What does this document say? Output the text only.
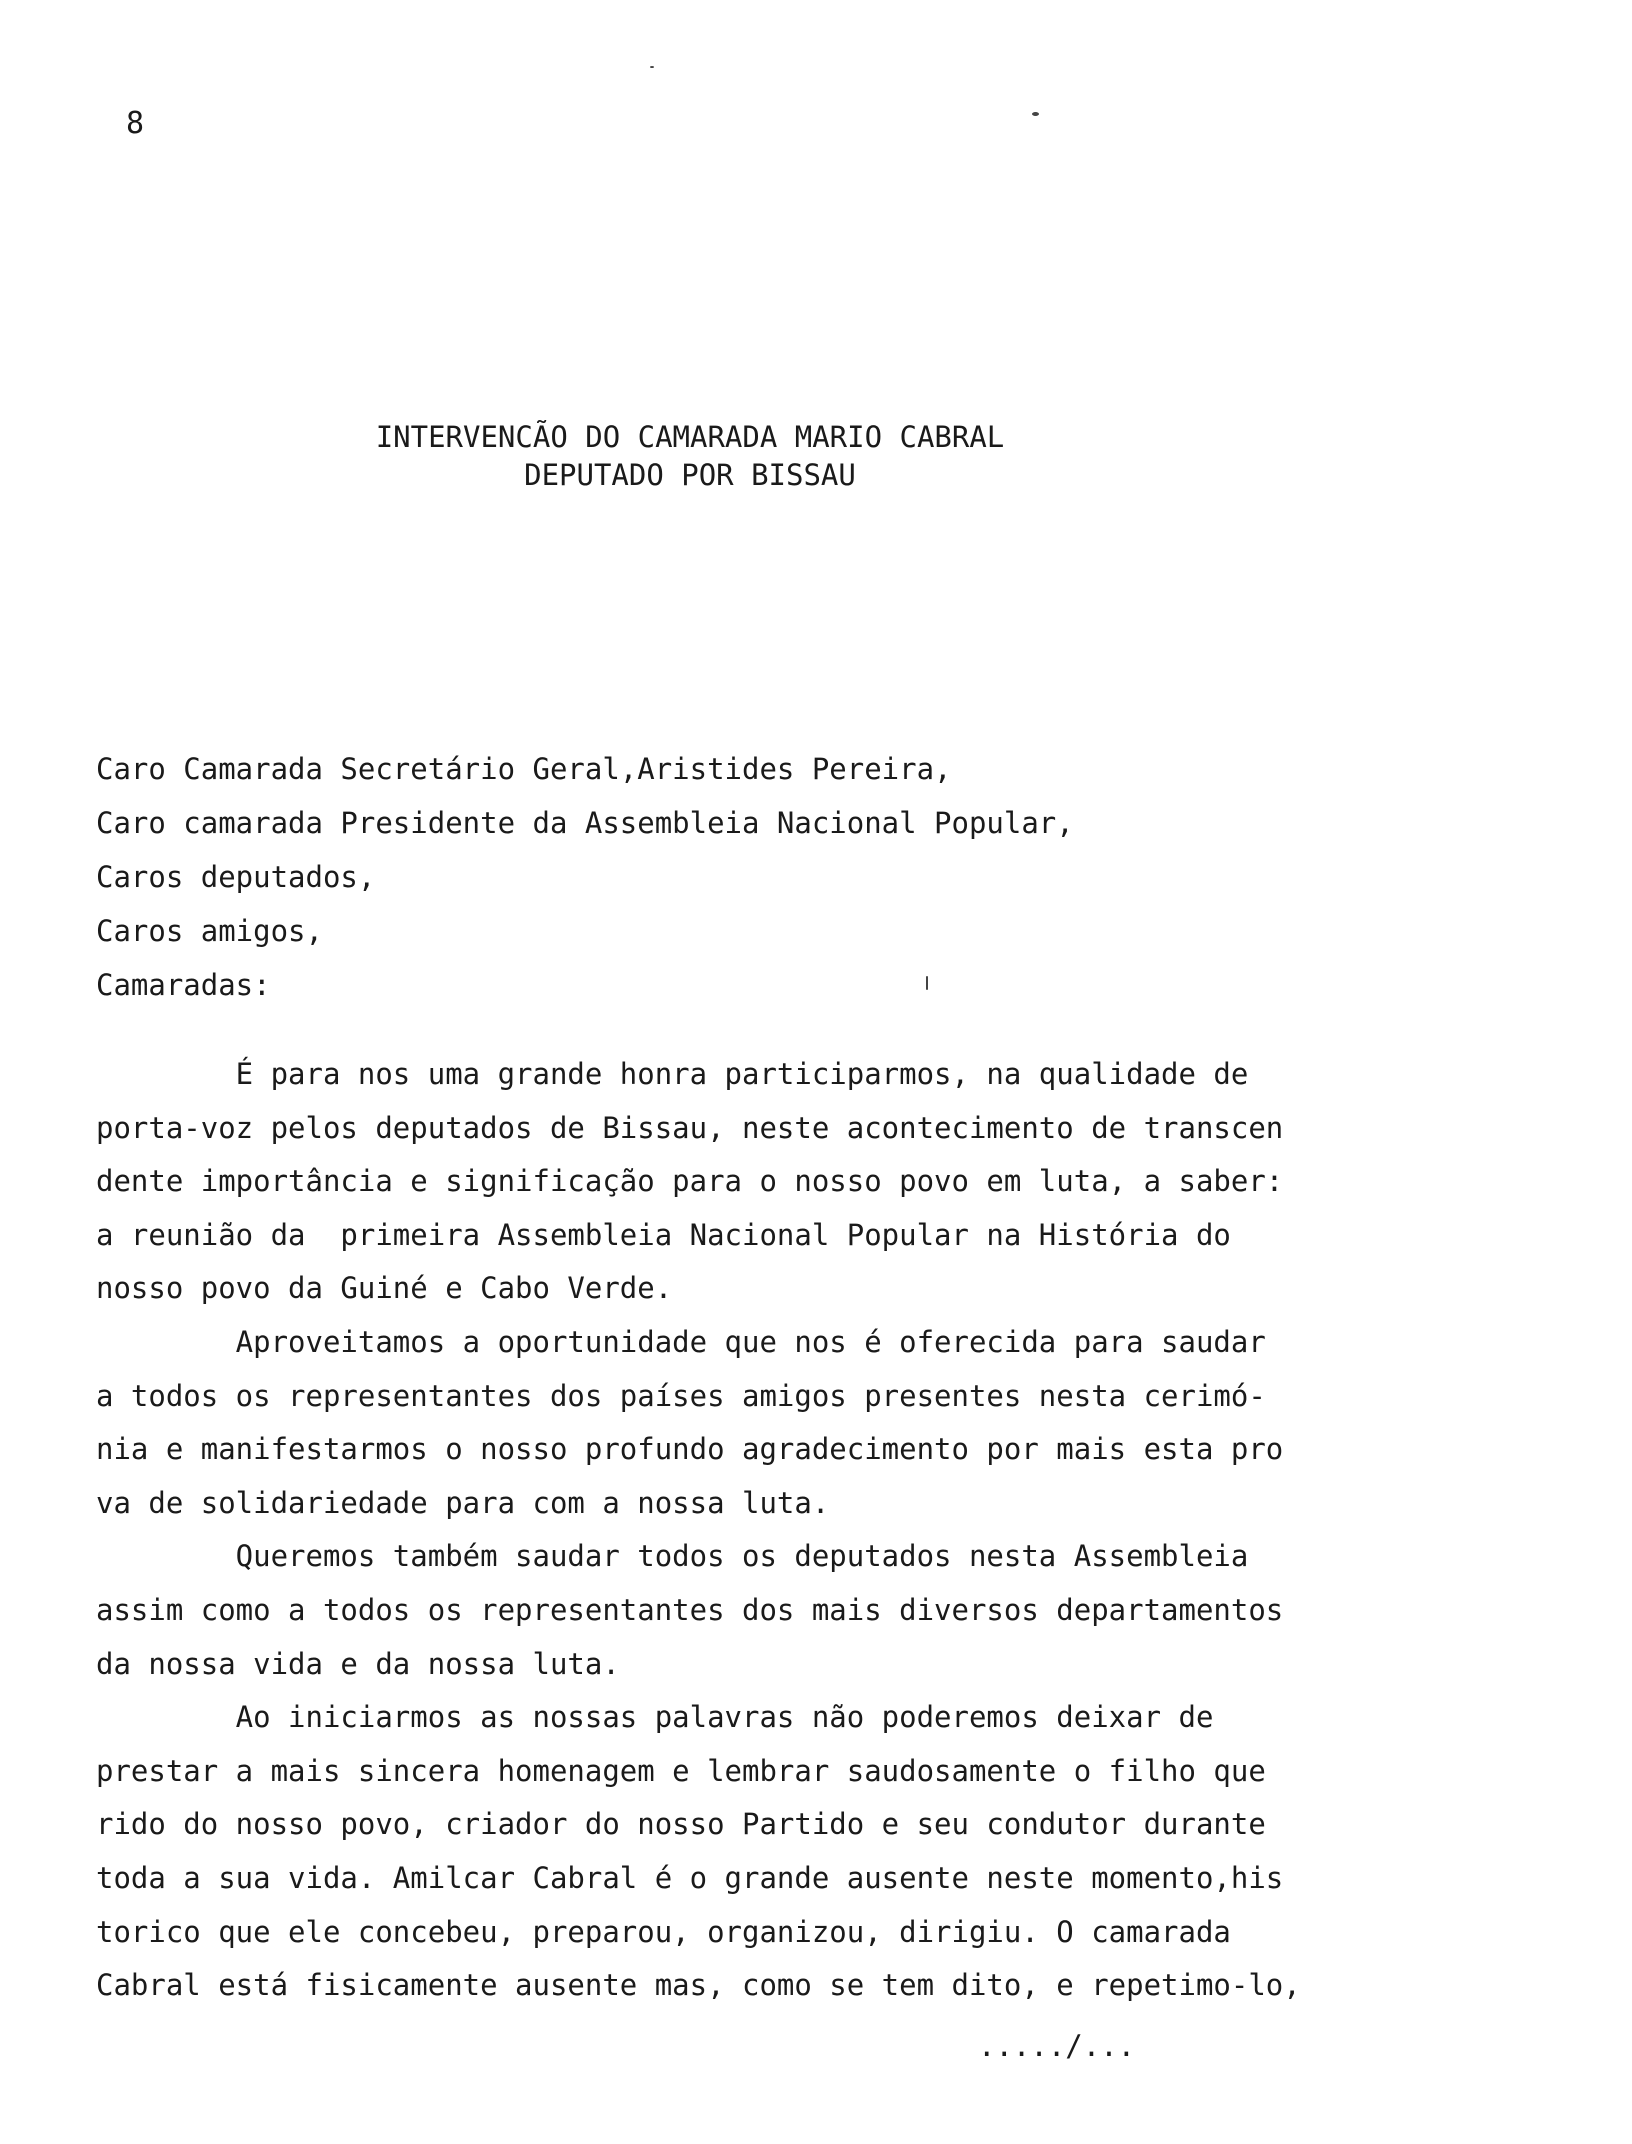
8
INTERVENCÃO DO CAMARADA MARIO CABRAL
DEPUTADO POR BISSAU
Caro Camarada Secretário Geral,Aristides Pereira,
Caro camarada Presidente da Assembleia Nacional Popular,
Caros deputados,
Caros amigos,
Camaradas:
É para nos uma grande honra participarmos, na qualidade de
porta-voz pelos deputados de Bissau, neste acontecimento de transcen
dente importância e significação para o nosso povo em luta, a saber:
a reunião da  primeira Assembleia Nacional Popular na História do
nosso povo da Guiné e Cabo Verde.
Aproveitamos a oportunidade que nos é oferecida para saudar
a todos os representantes dos países amigos presentes nesta cerimó-
nia e manifestarmos o nosso profundo agradecimento por mais esta pro
va de solidariedade para com a nossa luta.
Queremos também saudar todos os deputados nesta Assembleia
assim como a todos os representantes dos mais diversos departamentos
da nossa vida e da nossa luta.
Ao iniciarmos as nossas palavras não poderemos deixar de
prestar a mais sincera homenagem e lembrar saudosamente o filho que
rido do nosso povo, criador do nosso Partido e seu condutor durante
toda a sua vida. Amilcar Cabral é o grande ausente neste momento,his
torico que ele concebeu, preparou, organizou, dirigiu. O camarada
Cabral está fisicamente ausente mas, como se tem dito, e repetimo-lo,
...../...
